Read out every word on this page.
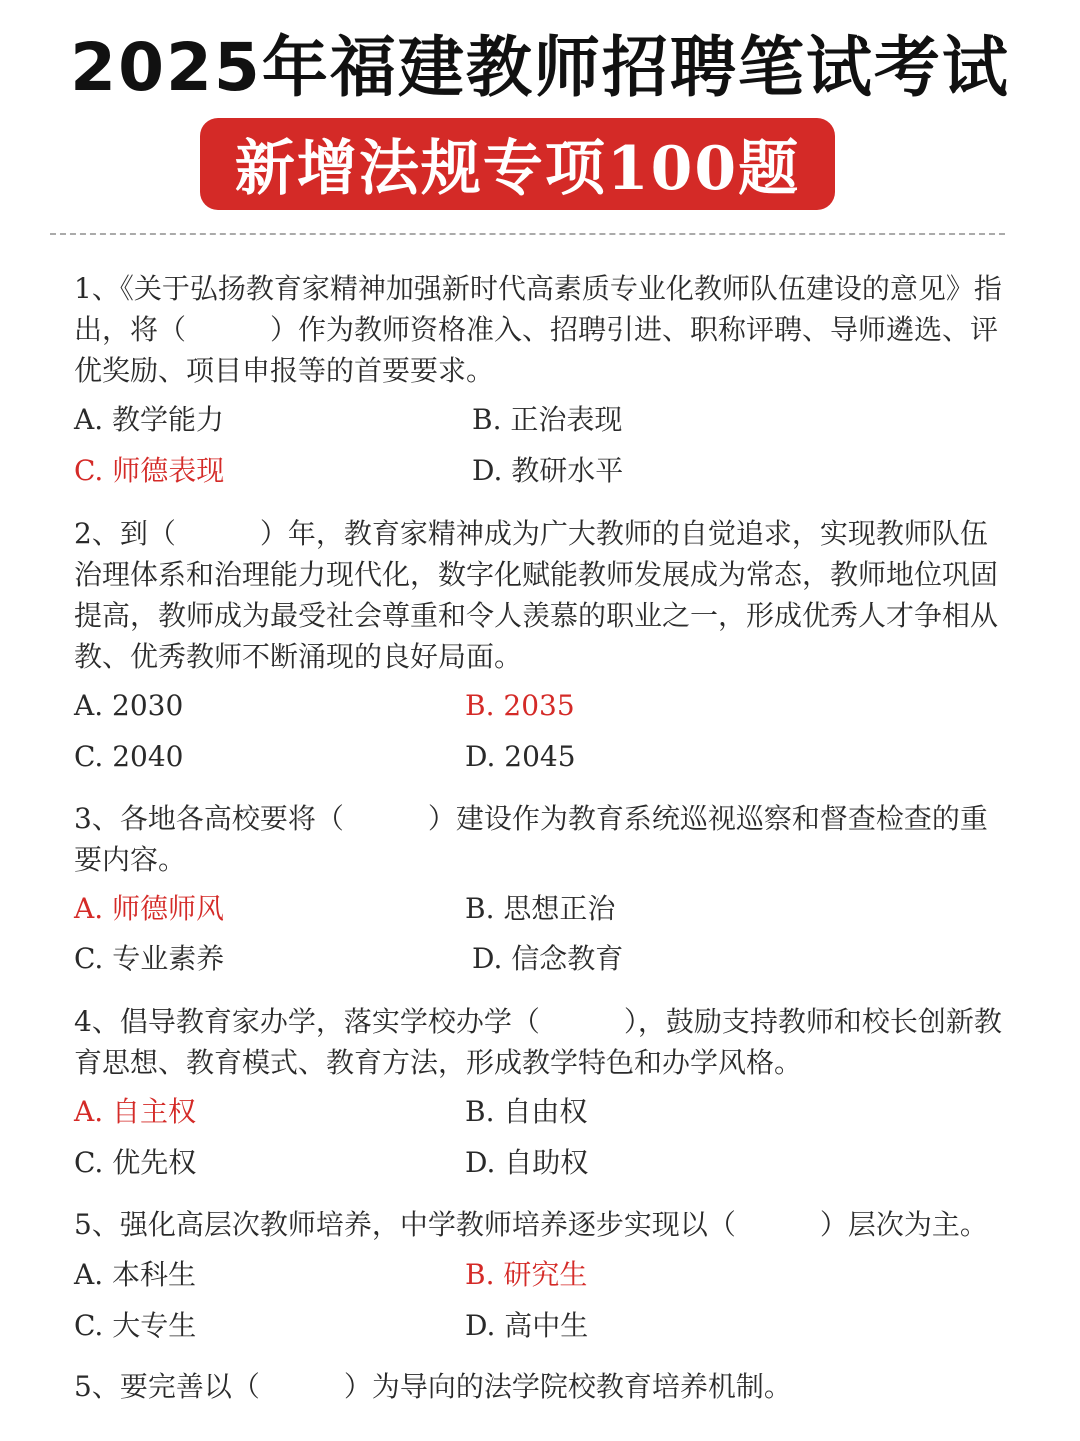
2025年福建教师招聘笔试考试
新增法规专项100题
1、《关于弘扬教育家精神加强新时代高素质专业化教师队伍建设的意见》指出，将（　　　）作为教师资格准入、招聘引进、职称评聘、导师遴选、评优奖励、项目申报等的首要要求。
A. 教学能力	B. 正治表现
C. 师德表现	D. 教研水平
2、到（　　　）年，教育家精神成为广大教师的自觉追求，实现教师队伍治理体系和治理能力现代化，数字化赋能教师发展成为常态，教师地位巩固提高，教师成为最受社会尊重和令人羡慕的职业之一，形成优秀人才争相从教、优秀教师不断涌现的良好局面。
A. 2030	B. 2035
C. 2040	D. 2045
3、各地各高校要将（　　　）建设作为教育系统巡视巡察和督查检查的重要内容。
A. 师德师风	B. 思想正治
C. 专业素养	D. 信念教育
4、倡导教育家办学，落实学校办学（　　　），鼓励支持教师和校长创新教育思想、教育模式、教育方法，形成教学特色和办学风格。
A. 自主权	B. 自由权
C. 优先权	D. 自助权
5、强化高层次教师培养，中学教师培养逐步实现以（　　　）层次为主。
A. 本科生	B. 研究生
C. 大专生	D. 高中生
5、要完善以（　　　）为导向的法学院校教育培养机制。
